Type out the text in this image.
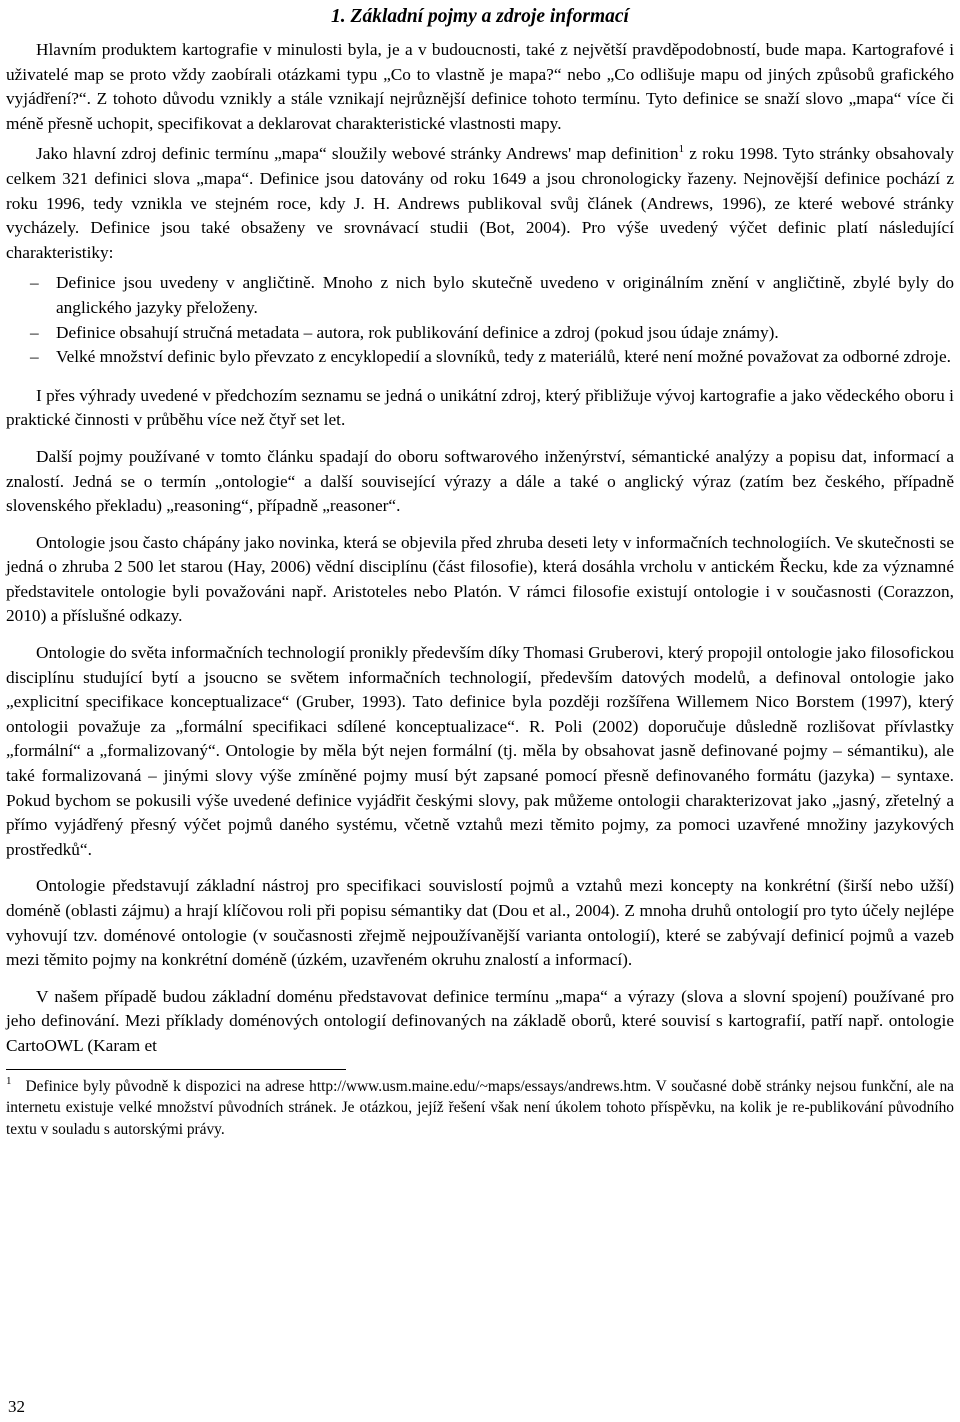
1. Základní pojmy a zdroje informací

Hlavním produktem kartografie v minulosti byla, je a v budoucnosti, také z největší pravděpodobností, bude mapa. Kartografové i uživatelé map se proto vždy zaobírali otázkami typu „Co to vlastně je mapa?“ nebo „Co odlišuje mapu od jiných způsobů grafického vyjádření?“. Z tohoto důvodu vznikly a stále vznikají nejrůznější definice tohoto termínu. Tyto definice se snaží slovo „mapa“ více či méně přesně uchopit, specifikovat a deklarovat charakteristické vlastnosti mapy.

Jako hlavní zdroj definic termínu „mapa“ sloužily webové stránky Andrews' map definition$^1$ z roku 1998. Tyto stránky obsahovaly celkem 321 definici slova „mapa“. Definice jsou datovány od roku 1649 a jsou chronologicky řazeny. Nejnovější definice pochází z roku 1996, tedy vznikla ve stejném roce, kdy J. H. Andrews publikoval svůj článek (Andrews, 1996), ze které webové stránky vycházely. Definice jsou také obsaženy ve srovnávací studii (Bot, 2004). Pro výše uvedený výčet definic platí následující charakteristiky:

– Definice jsou uvedeny v angličtině. Mnoho z nich bylo skutečně uvedeno v originálním znění v angličtině, zbylé byly do anglického jazyky přeloženy.
– Definice obsahují stručná metadata – autora, rok publikování definice a zdroj (pokud jsou údaje známy).
– Velké množství definic bylo převzato z encyklopedií a slovníků, tedy z materiálů, které není možné považovat za odborné zdroje.

I přes výhrady uvedené v předchozím seznamu se jedná o unikátní zdroj, který přibližuje vývoj kartografie a jako vědeckého oboru i praktické činnosti v průběhu více než čtyř set let.

Další pojmy používané v tomto článku spadají do oboru softwarového inženýrství, sémantické analýzy a popisu dat, informací a znalostí. Jedná se o termín „ontologie“ a další související výrazy a dále a také o anglický výraz (zatím bez českého, případně slovenského překladu) „reasoning“, případně „reasoner“.

Ontologie jsou často chápány jako novinka, která se objevila před zhruba deseti lety v informačních technologiích. Ve skutečnosti se jedná o zhruba 2 500 let starou (Hay, 2006) vědní disciplínu (část filosofie), která dosáhla vrcholu v antickém Řecku, kde za významné představitele ontologie byli považováni např. Aristoteles nebo Platón. V rámci filosofie existují ontologie i v současnosti (Corazzon, 2010) a příslušné odkazy.

Ontologie do světa informačních technologií pronikly především díky Thomasi Gruberovi, který propojil ontologie jako filosofickou disciplínu studující bytí a jsoucno se světem informačních technologií, především datových modelů, a definoval ontologie jako „explicitní specifikace konceptualizace“ (Gruber, 1993). Tato definice byla později rozšířena Willemem Nico Borstem (1997), který ontologii považuje za „formální specifikaci sdílené konceptualizace“. R. Poli (2002) doporučuje důsledně rozlišovat přívlastky „formální“ a „formalizovaný“. Ontologie by měla být nejen formální (tj. měla by obsahovat jasně definované pojmy – sémantiku), ale také formalizovaná – jinými slovy výše zmíněné pojmy musí být zapsané pomocí přesně definovaného formátu (jazyka) – syntaxe. Pokud bychom se pokusili výše uvedené definice vyjádřit českými slovy, pak můžeme ontologii charakterizovat jako „jasný, zřetelný a přímo vyjádřený přesný výčet pojmů daného systému, včetně vztahů mezi těmito pojmy, za pomoci uzavřené množiny jazykových prostředků“.

Ontologie představují základní nástroj pro specifikaci souvislostí pojmů a vztahů mezi koncepty na konkrétní (širší nebo užší) doméně (oblasti zájmu) a hrají klíčovou roli při popisu sémantiky dat (Dou et al., 2004). Z mnoha druhů ontologií pro tyto účely nejlépe vyhovují tzv. doménové ontologie (v současnosti zřejmě nejpoužívanější varianta ontologií), které se zabývají definicí pojmů a vazeb mezi těmito pojmy na konkrétní doméně (úzkém, uzavřeném okruhu znalostí a informací).

V našem případě budou základní doménu představovat definice termínu „mapa“ a výrazy (slova a slovní spojení) používané pro jeho definování. Mezi příklady doménových ontologií definovaných na základě oborů, které souvisí s kartografií, patří např. ontologie CartoOWL (Karam et

$^1$ Definice byly původně k dispozici na adrese http://www.usm.maine.edu/~maps/essays/andrews.htm. V současné době stránky nejsou funkční, ale na internetu existuje velké množství původních stránek. Je otázkou, jejíž řešení však není úkolem tohoto příspěvku, na kolik je re-publikování původního textu v souladu s autorskými právy.
32
